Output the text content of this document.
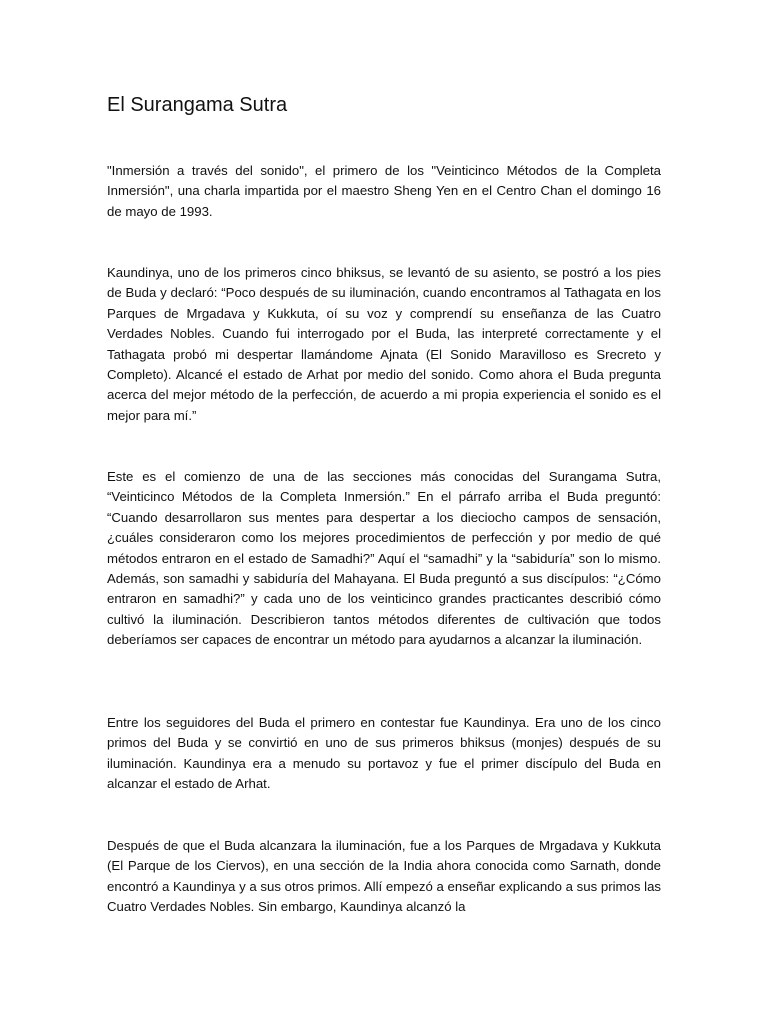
El Surangama Sutra

"Inmersión a través del sonido", el primero de los "Veinticinco Métodos de la Completa Inmersión", una charla impartida por el maestro Sheng Yen en el Centro Chan el domingo 16 de mayo de 1993.

Kaundinya, uno de los primeros cinco bhiksus, se levantó de su asiento, se postró a los pies de Buda y declaró: “Poco después de su iluminación, cuando encontramos al Tathagata en los Parques de Mrgadava y Kukkuta, oí su voz y comprendí su enseñanza de las Cuatro Verdades Nobles. Cuando fui interrogado por el Buda, las interpreté correctamente y el Tathagata probó mi despertar llamándome Ajnata (El Sonido Maravilloso es Srecreto y Completo). Alcancé el estado de Arhat por medio del sonido. Como ahora el Buda pregunta acerca del mejor método de la perfección, de acuerdo a mi propia experiencia el sonido es el mejor para mí.”

Este es el comienzo de una de las secciones más conocidas del Surangama Sutra, “Veinticinco Métodos de la Completa Inmersión.” En el párrafo arriba el Buda preguntó: “Cuando desarrollaron sus mentes para despertar a los dieciocho campos de sensación, ¿cuáles consideraron como los mejores procedimientos de perfección y por medio de qué métodos entraron en el estado de Samadhi?” Aquí el “samadhi” y la “sabiduría” son lo mismo. Además, son samadhi y sabiduría del Mahayana. El Buda preguntó a sus discípulos: “¿Cómo entraron en samadhi?” y cada uno de los veinticinco grandes practicantes describió cómo cultivó la iluminación. Describieron tantos métodos diferentes de cultivación que todos deberíamos ser capaces de encontrar un método para ayudarnos a alcanzar la iluminación.

Entre los seguidores del Buda el primero en contestar fue Kaundinya. Era uno de los cinco primos del Buda y se convirtió en uno de sus primeros bhiksus (monjes) después de su iluminación. Kaundinya era a menudo su portavoz y fue el primer discípulo del Buda en alcanzar el estado de Arhat.

Después de que el Buda alcanzara la iluminación, fue a los Parques de Mrgadava y Kukkuta (El Parque de los Ciervos), en una sección de la India ahora conocida como Sarnath, donde encontró a Kaundinya y a sus otros primos. Allí empezó a enseñar explicando a sus primos las Cuatro Verdades Nobles. Sin embargo, Kaundinya alcanzó la
